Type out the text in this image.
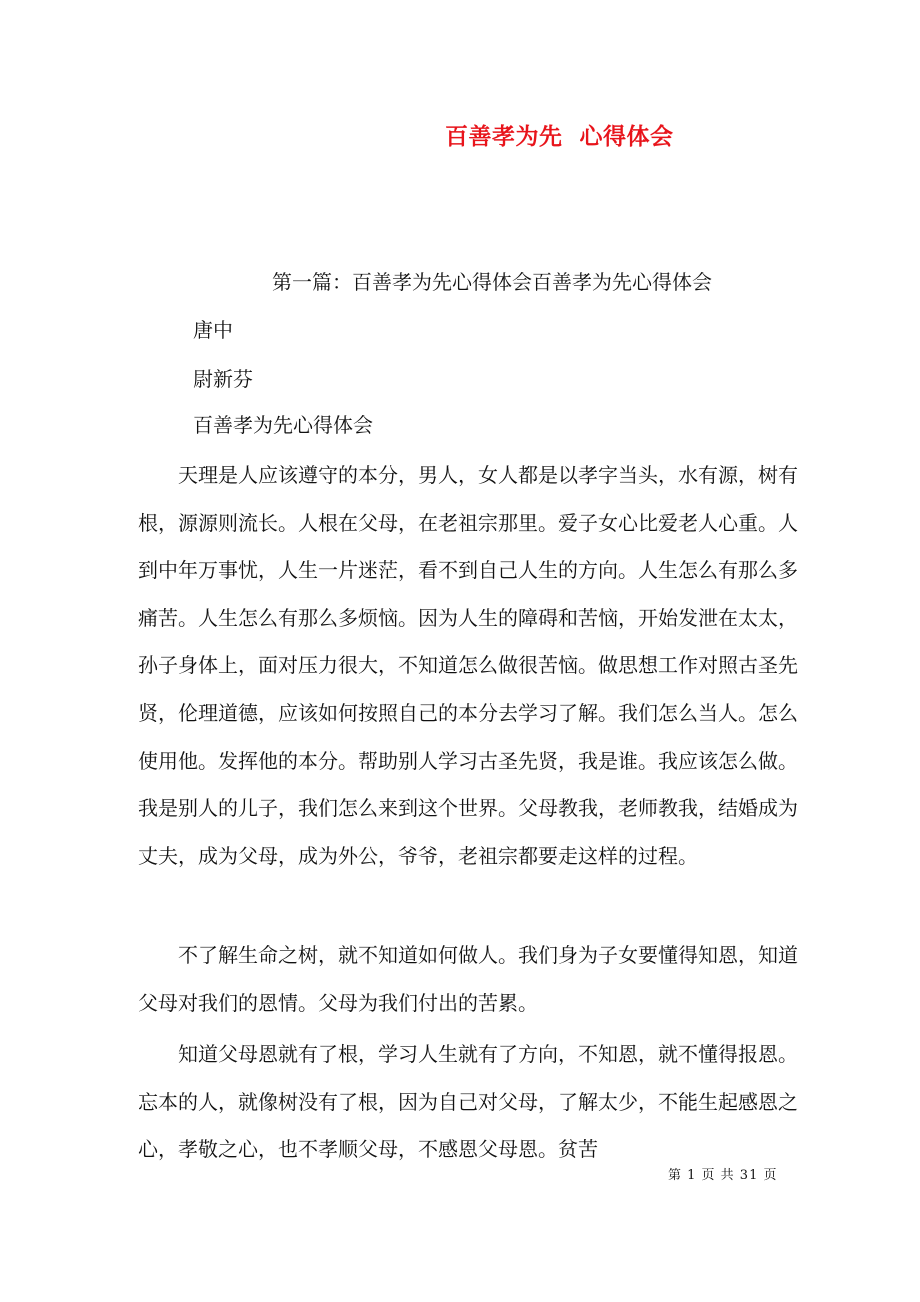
百善孝为先  心得体会
第一篇：百善孝为先心得体会百善孝为先心得体会
唐中
尉新芬
百善孝为先心得体会

天理是人应该遵守的本分，男人，女人都是以孝字当头，水有源，树有根，源源则流长。人根在父母，在老祖宗那里。爱子女心比爱老人心重。人到中年万事忧，人生一片迷茫，看不到自己人生的方向。人生怎么有那么多痛苦。人生怎么有那么多烦恼。因为人生的障碍和苦恼，开始发泄在太太，孙子身体上，面对压力很大，不知道怎么做很苦恼。做思想工作对照古圣先贤，伦理道德，应该如何按照自己的本分去学习了解。我们怎么当人。怎么使用他。发挥他的本分。帮助别人学习古圣先贤，我是谁。我应该怎么做。我是别人的儿子，我们怎么来到这个世界。父母教我，老师教我，结婚成为丈夫，成为父母，成为外公，爷爷，老祖宗都要走这样的过程。

不了解生命之树，就不知道如何做人。我们身为子女要懂得知恩，知道父母对我们的恩情。父母为我们付出的苦累。

知道父母恩就有了根，学习人生就有了方向，不知恩，就不懂得报恩。忘本的人，就像树没有了根，因为自己对父母，了解太少，不能生起感恩之心，孝敬之心，也不孝顺父母，不感恩父母恩。贫苦

第 1 页 共 31 页
